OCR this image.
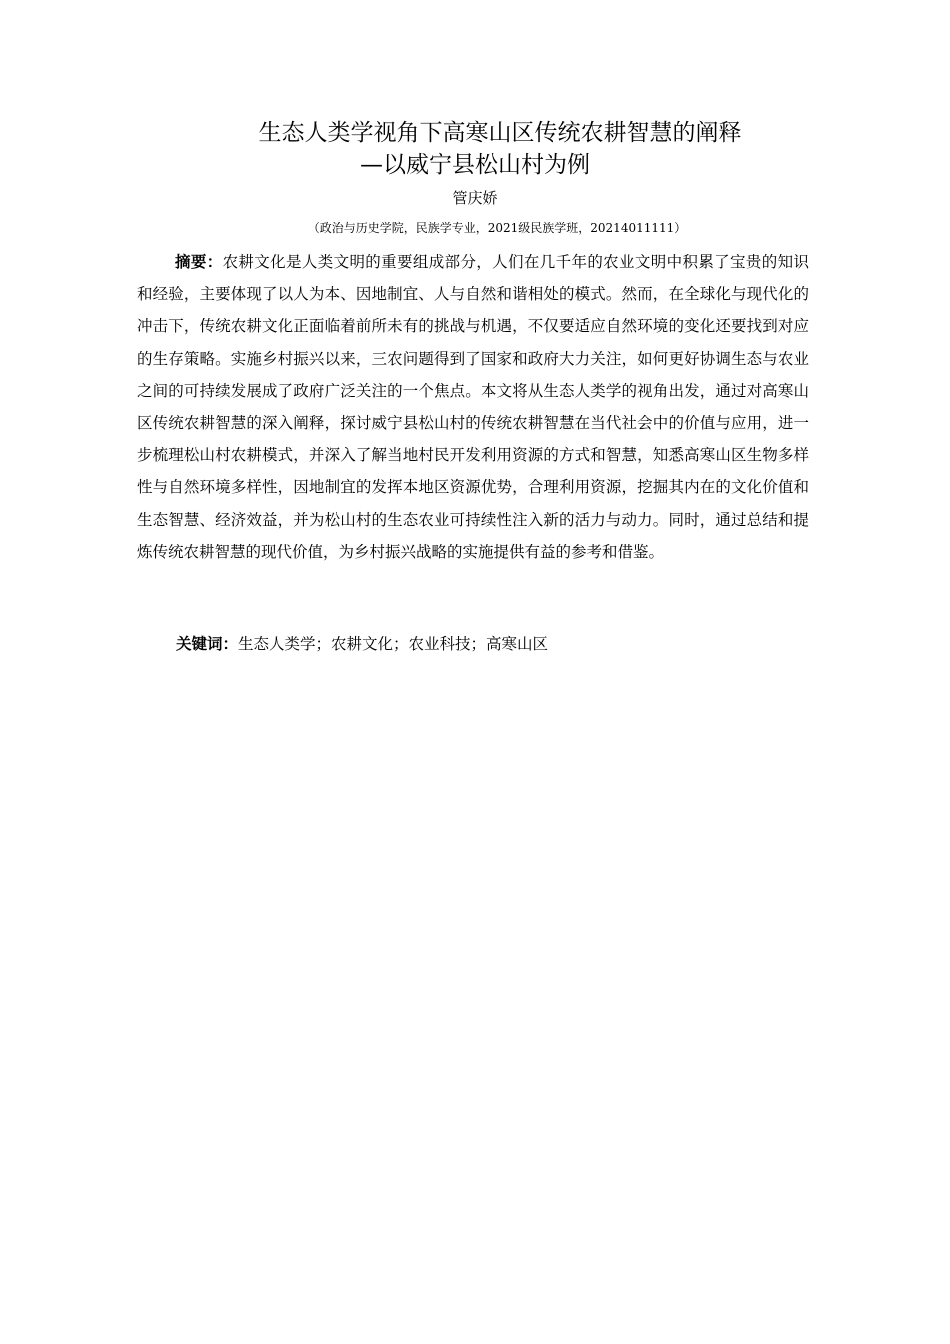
生态人类学视角下高寒山区传统农耕智慧的阐释
—以威宁县松山村为例
管庆娇
（政治与历史学院，民族学专业，2021级民族学班，20214011111）

摘要：农耕文化是人类文明的重要组成部分，人们在几千年的农业文明中积累了宝贵的知识和经验，主要体现了以人为本、因地制宜、人与自然和谐相处的模式。然而，在全球化与现代化的冲击下，传统农耕文化正面临着前所未有的挑战与机遇，不仅要适应自然环境的变化还要找到对应的生存策略。实施乡村振兴以来，三农问题得到了国家和政府大力关注，如何更好协调生态与农业之间的可持续发展成了政府广泛关注的一个焦点。本文将从生态人类学的视角出发，通过对高寒山区传统农耕智慧的深入阐释，探讨威宁县松山村的传统农耕智慧在当代社会中的价值与应用，进一步梳理松山村农耕模式，并深入了解当地村民开发利用资源的方式和智慧，知悉高寒山区生物多样性与自然环境多样性，因地制宜的发挥本地区资源优势，合理利用资源，挖掘其内在的文化价值和生态智慧、经济效益，并为松山村的生态农业可持续性注入新的活力与动力。同时，通过总结和提炼传统农耕智慧的现代价值，为乡村振兴战略的实施提供有益的参考和借鉴。

关键词：生态人类学；农耕文化；农业科技；高寒山区
